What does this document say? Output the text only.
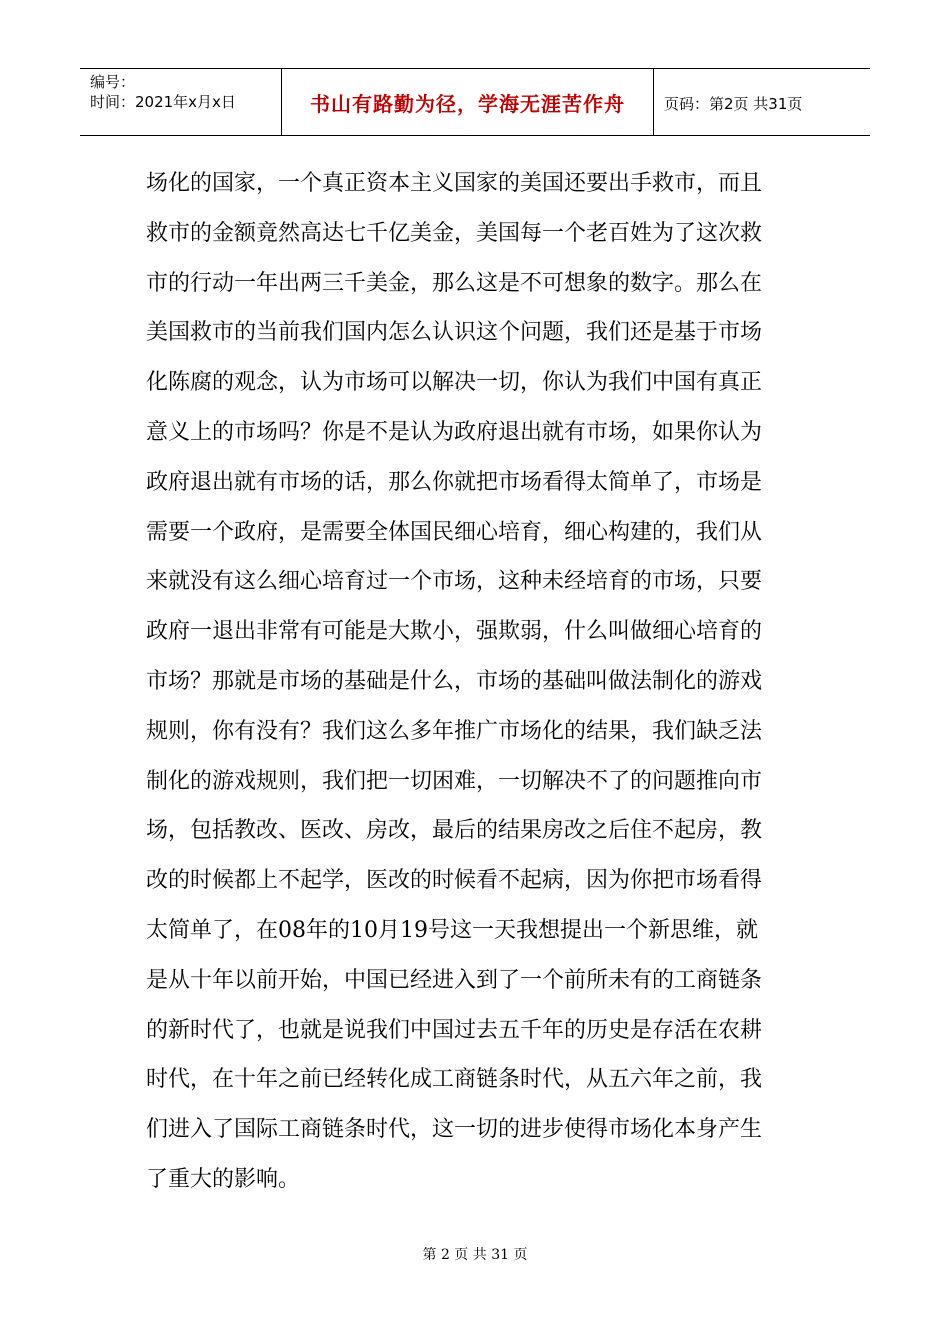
编号：
时间：2021年x月x日	书山有路勤为径，学海无涯苦作舟	页码：第2页 共31页

场化的国家，一个真正资本主义国家的美国还要出手救市，而且
救市的金额竟然高达七千亿美金，美国每一个老百姓为了这次救
市的行动一年出两三千美金，那么这是不可想象的数字。那么在
美国救市的当前我们国内怎么认识这个问题，我们还是基于市场
化陈腐的观念，认为市场可以解决一切，你认为我们中国有真正
意义上的市场吗？你是不是认为政府退出就有市场，如果你认为
政府退出就有市场的话，那么你就把市场看得太简单了，市场是
需要一个政府，是需要全体国民细心培育，细心构建的，我们从
来就没有这么细心培育过一个市场，这种未经培育的市场，只要
政府一退出非常有可能是大欺小，强欺弱，什么叫做细心培育的
市场？那就是市场的基础是什么，市场的基础叫做法制化的游戏
规则，你有没有？我们这么多年推广市场化的结果，我们缺乏法
制化的游戏规则，我们把一切困难，一切解决不了的问题推向市
场，包括教改、医改、房改，最后的结果房改之后住不起房，教
改的时候都上不起学，医改的时候看不起病，因为你把市场看得
太简单了，在08年的10月19号这一天我想提出一个新思维，就
是从十年以前开始，中国已经进入到了一个前所未有的工商链条
的新时代了，也就是说我们中国过去五千年的历史是存活在农耕
时代，在十年之前已经转化成工商链条时代，从五六年之前，我
们进入了国际工商链条时代，这一切的进步使得市场化本身产生
了重大的影响。

第 2 页 共 31 页
